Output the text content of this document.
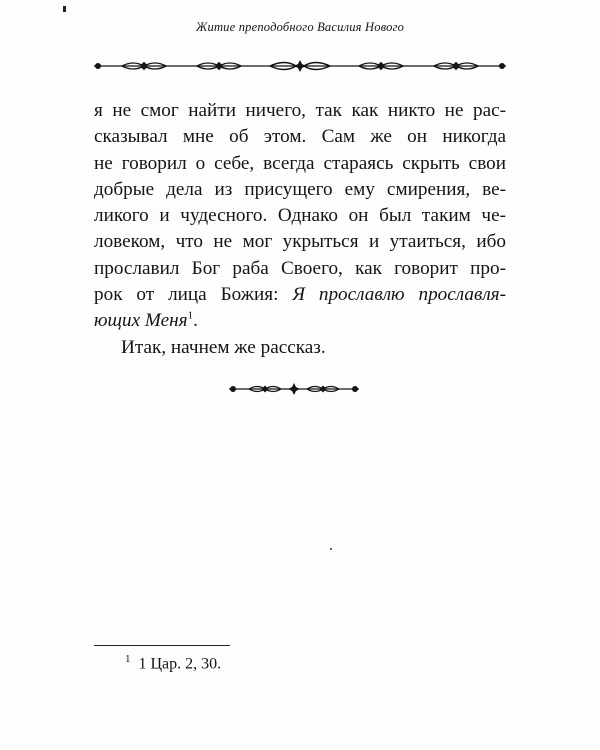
Житие преподобного Василия Нового

я не смог найти ничего, так как никто не рас-

сказывал мне об этом. Сам же он никогда

не говорил о себе, всегда стараясь скрыть свои

добрые дела из присущего ему смирения, ве-

ликого и чудесного. Однако он был таким че-

ловеком, что не мог укрыться и утаиться, ибо

прославил Бог раба Своего, как говорит про-

рок от лица Божия: Я прославлю прославля-

ющих Меня$^1$.

Итак, начнем же рассказ.

$^1$ 1 Цар. 2, 30.
